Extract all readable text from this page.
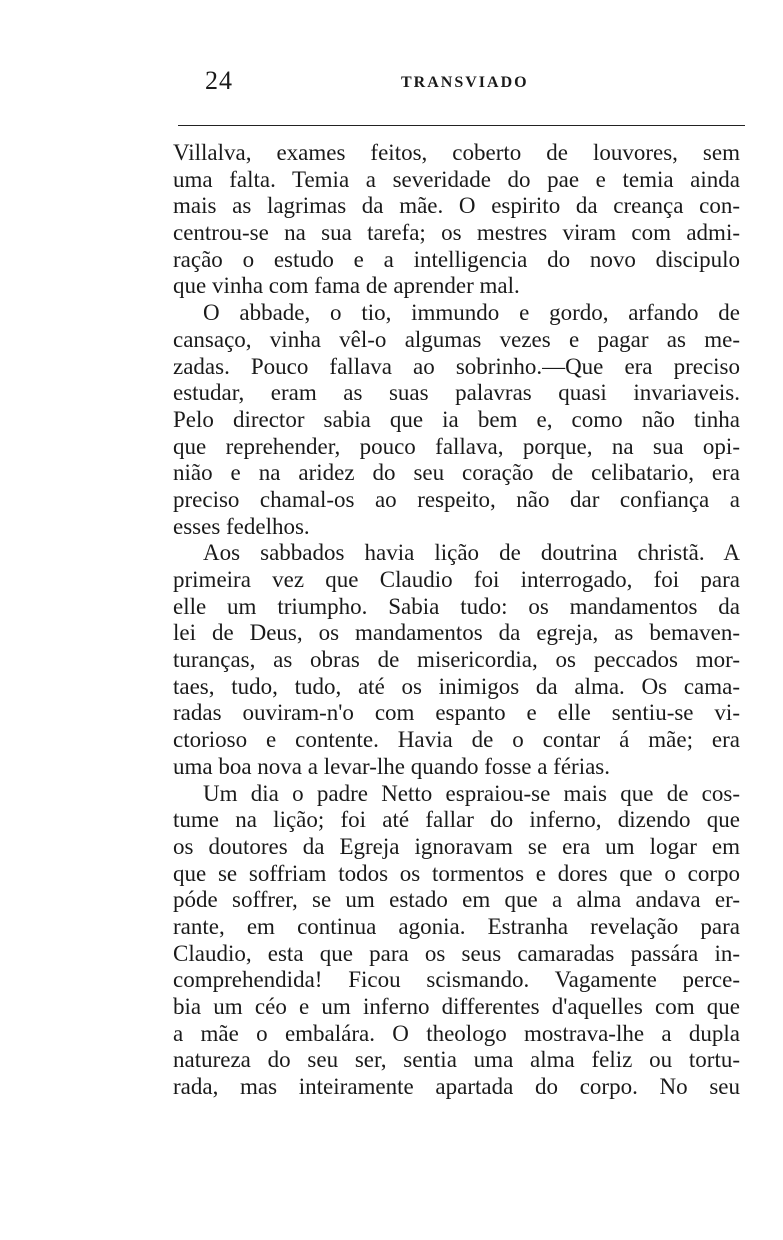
24	TRANSVIADO
Villalva, exames feitos, coberto de louvores, sem
uma falta. Temia a severidade do pae e temia ainda
mais as lagrimas da mãe. O espirito da creança con-
centrou-se na sua tarefa; os mestres viram com admi-
ração o estudo e a intelligencia do novo discipulo
que vinha com fama de aprender mal.
O abbade, o tio, immundo e gordo, arfando de
cansaço, vinha vêl-o algumas vezes e pagar as me-
zadas. Pouco fallava ao sobrinho.—Que era preciso
estudar, eram as suas palavras quasi invariaveis.
Pelo director sabia que ia bem e, como não tinha
que reprehender, pouco fallava, porque, na sua opi-
nião e na aridez do seu coração de celibatario, era
preciso chamal-os ao respeito, não dar confiança a
esses fedelhos.
Aos sabbados havia lição de doutrina christã. A
primeira vez que Claudio foi interrogado, foi para
elle um triumpho. Sabia tudo: os mandamentos da
lei de Deus, os mandamentos da egreja, as bemaven-
turanças, as obras de misericordia, os peccados mor-
taes, tudo, tudo, até os inimigos da alma. Os cama-
radas ouviram-n'o com espanto e elle sentiu-se vi-
ctorioso e contente. Havia de o contar á mãe; era
uma boa nova a levar-lhe quando fosse a férias.
Um dia o padre Netto espraiou-se mais que de cos-
tume na lição; foi até fallar do inferno, dizendo que
os doutores da Egreja ignoravam se era um logar em
que se soffriam todos os tormentos e dores que o corpo
póde soffrer, se um estado em que a alma andava er-
rante, em continua agonia. Estranha revelação para
Claudio, esta que para os seus camaradas passára in-
comprehendida! Ficou scismando. Vagamente perce-
bia um céo e um inferno differentes d'aquelles com que
a mãe o embalára. O theologo mostrava-lhe a dupla
natureza do seu ser, sentia uma alma feliz ou tortu-
rada, mas inteiramente apartada do corpo. No seu
